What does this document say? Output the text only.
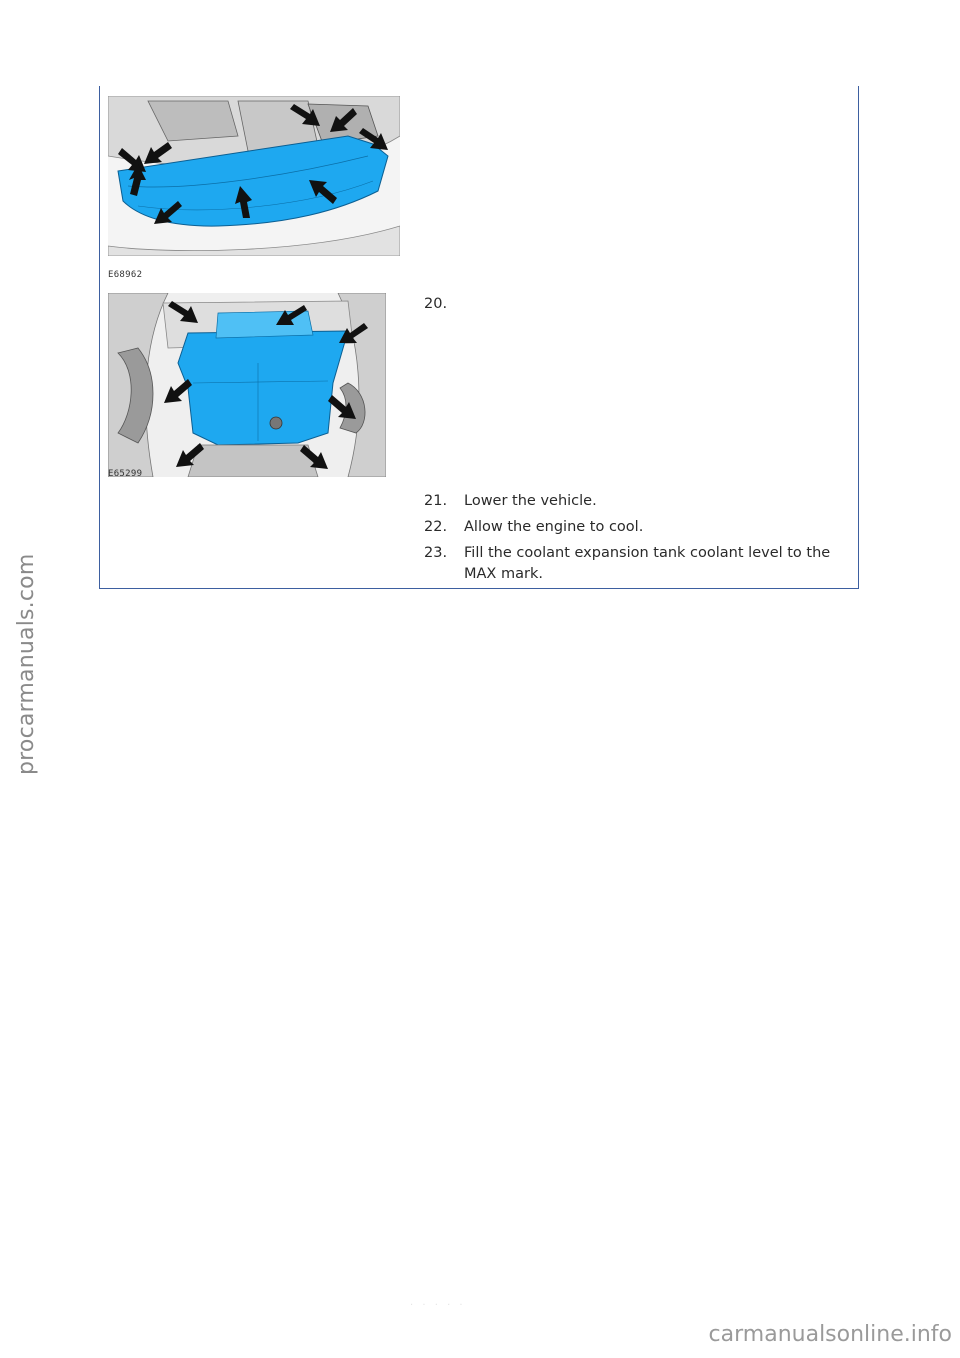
E68962
E65299
20.
21.	Lower the vehicle.
22.	Allow the engine to cool.
23.	Fill the coolant expansion tank coolant level to the MAX mark.
· · · · ·
procarmanuals.com
carmanualsonline.info
